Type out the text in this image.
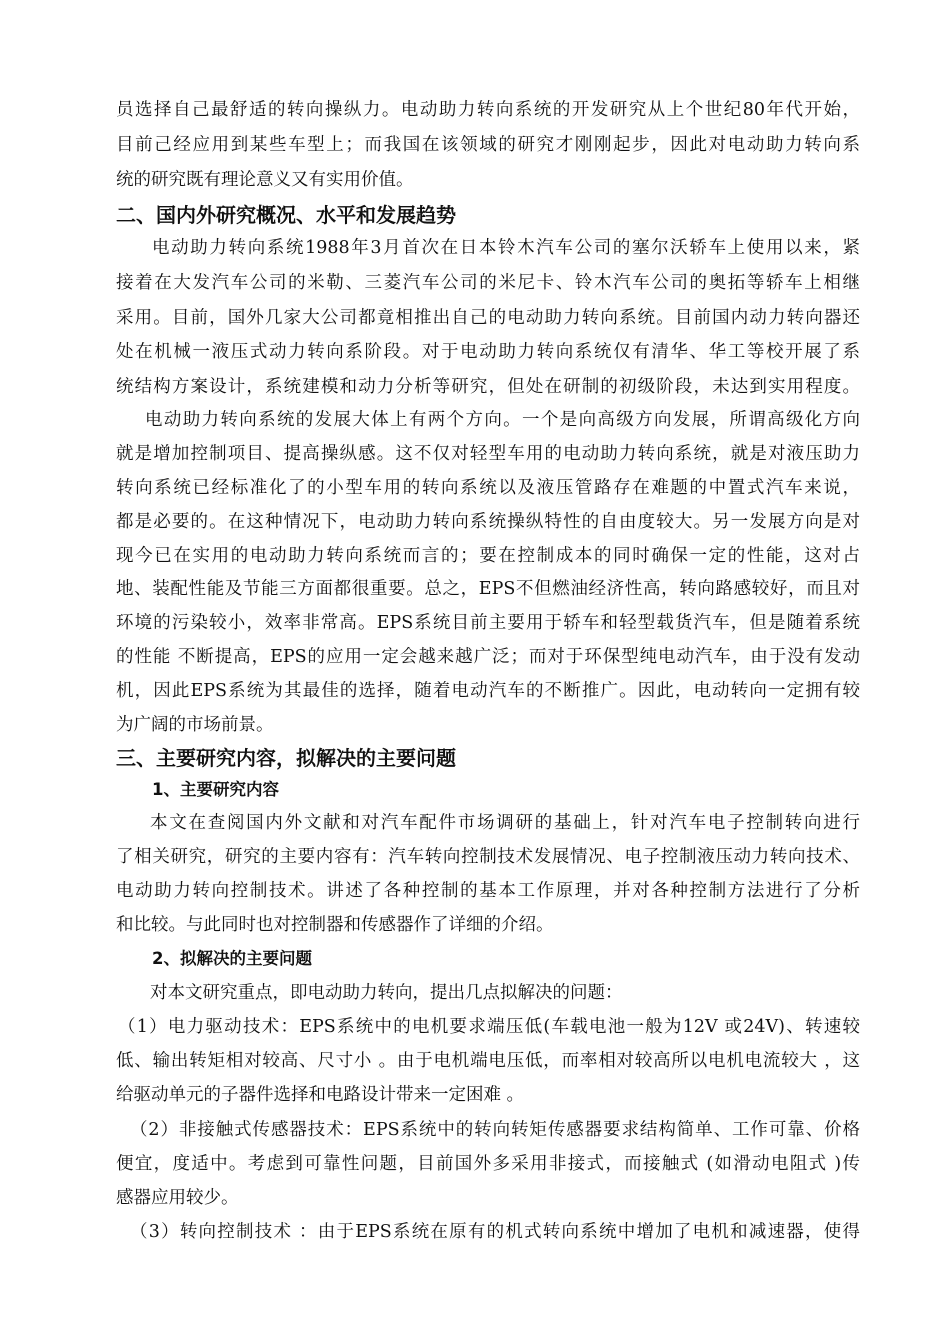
员选择自己最舒适的转向操纵力。电动助力转向系统的开发研究从上个世纪80年代开始，
目前己经应用到某些车型上；而我国在该领域的研究才刚刚起步，因此对电动助力转向系
统的研究既有理论意义又有实用价值。
二、国内外研究概况、水平和发展趋势
电动助力转向系统1988年3月首次在日本铃木汽车公司的塞尔沃轿车上使用以来，紧
接着在大发汽车公司的米勒、三菱汽车公司的米尼卡、铃木汽车公司的奥拓等轿车上相继
采用。目前，国外几家大公司都竟相推出自己的电动助力转向系统。目前国内动力转向器还
处在机械一液压式动力转向系阶段。对于电动助力转向系统仅有清华、华工等校开展了系
统结构方案设计，系统建模和动力分析等研究，但处在研制的初级阶段，未达到实用程度。
电动助力转向系统的发展大体上有两个方向。一个是向高级方向发展，所谓高级化方向
就是增加控制项目、提高操纵感。这不仅对轻型车用的电动助力转向系统，就是对液压助力
转向系统已经标准化了的小型车用的转向系统以及液压管路存在难题的中置式汽车来说，
都是必要的。在这种情况下，电动助力转向系统操纵特性的自由度较大。另一发展方向是对
现今已在实用的电动助力转向系统而言的；要在控制成本的同时确保一定的性能，这对占
地、装配性能及节能三方面都很重要。总之，EPS不但燃油经济性高，转向路感较好，而且对
环境的污染较小，效率非常高。EPS系统目前主要用于轿车和轻型载货汽车，但是随着系统
的性能 不断提高，EPS的应用一定会越来越广泛；而对于环保型纯电动汽车，由于没有发动
机，因此EPS系统为其最佳的选择，随着电动汽车的不断推广。因此，电动转向一定拥有较
为广阔的市场前景。
三、主要研究内容，拟解决的主要问题
1、主要研究内容
本文在查阅国内外文献和对汽车配件市场调研的基础上，针对汽车电子控制转向进行
了相关研究，研究的主要内容有：汽车转向控制技术发展情况、电子控制液压动力转向技术、
电动助力转向控制技术。讲述了各种控制的基本工作原理，并对各种控制方法进行了分析
和比较。与此同时也对控制器和传感器作了详细的介绍。
2、拟解决的主要问题
对本文研究重点，即电动助力转向，提出几点拟解决的问题：
（1）电力驱动技术：EPS系统中的电机要求端压低(车载电池一般为12V 或24V)、转速较
低、输出转矩相对较高、尺寸小 。由于电机端电压低，而率相对较高所以电机电流较大 ，这
给驱动单元的子器件选择和电路设计带来一定困难 。
（2）非接触式传感器技术：EPS系统中的转向转矩传感器要求结构简单、工作可靠、价格
便宜，度适中。考虑到可靠性问题，目前国外多采用非接式，而接触式 (如滑动电阻式 )传
感器应用较少。
（3）转向控制技术 ：由于EPS系统在原有的机式转向系统中增加了电机和减速器，使得
